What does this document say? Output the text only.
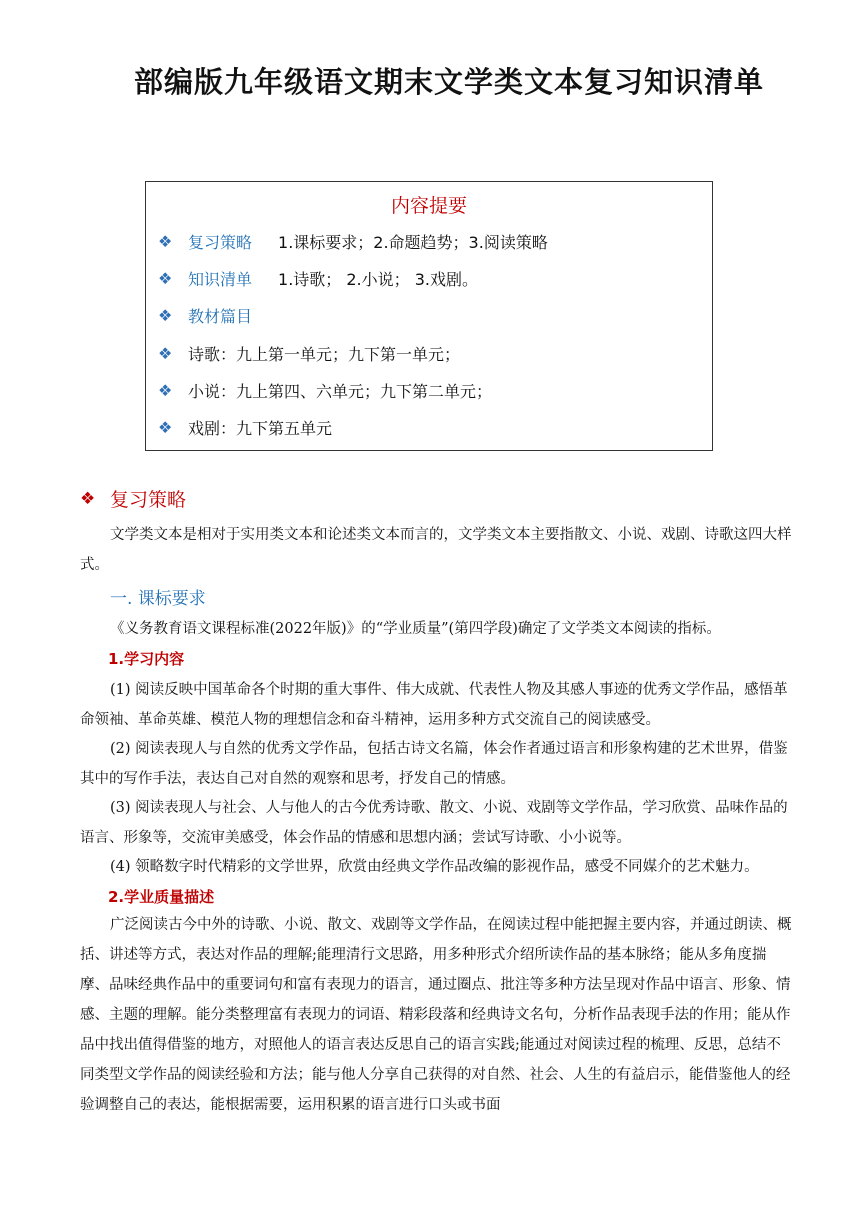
部编版九年级语文期末文学类文本复习知识清单
内容提要
❖ 复习策略 1.课标要求；2.命题趋势；3.阅读策略
❖ 知识清单 1.诗歌； 2.小说； 3.戏剧。
❖ 教材篇目
❖ 诗歌：九上第一单元；九下第一单元；
❖ 小说：九上第四、六单元；九下第二单元；
❖ 戏剧：九下第五单元
❖ 复习策略
文学类文本是相对于实用类文本和论述类文本而言的，文学类文本主要指散文、小说、戏剧、诗歌这四大样式。
一. 课标要求
《义务教育语文课程标准(2022年版)》的“学业质量”(第四学段)确定了文学类文本阅读的指标。
1.学习内容
(1) 阅读反映中国革命各个时期的重大事件、伟大成就、代表性人物及其感人事迹的优秀文学作品，感悟革命领袖、革命英雄、模范人物的理想信念和奋斗精神，运用多种方式交流自己的阅读感受。
(2) 阅读表现人与自然的优秀文学作品，包括古诗文名篇，体会作者通过语言和形象构建的艺术世界，借鉴其中的写作手法，表达自己对自然的观察和思考，抒发自己的情感。
(3) 阅读表现人与社会、人与他人的古今优秀诗歌、散文、小说、戏剧等文学作品，学习欣赏、品味作品的语言、形象等，交流审美感受，体会作品的情感和思想内涵；尝试写诗歌、小小说等。
(4) 领略数字时代精彩的文学世界，欣赏由经典文学作品改编的影视作品，感受不同媒介的艺术魅力。
2.学业质量描述
广泛阅读古今中外的诗歌、小说、散文、戏剧等文学作品，在阅读过程中能把握主要内容，并通过朗读、概括、讲述等方式，表达对作品的理解;能理清行文思路，用多种形式介绍所读作品的基本脉络；能从多角度揣摩、品味经典作品中的重要词句和富有表现力的语言，通过圈点、批注等多种方法呈现对作品中语言、形象、情感、主题的理解。能分类整理富有表现力的词语、精彩段落和经典诗文名句，分析作品表现手法的作用；能从作品中找出值得借鉴的地方，对照他人的语言表达反思自己的语言实践;能通过对阅读过程的梳理、反思，总结不同类型文学作品的阅读经验和方法；能与他人分享自己获得的对自然、社会、人生的有益启示，能借鉴他人的经验调整自己的表达，能根据需要，运用积累的语言进行口头或书面
